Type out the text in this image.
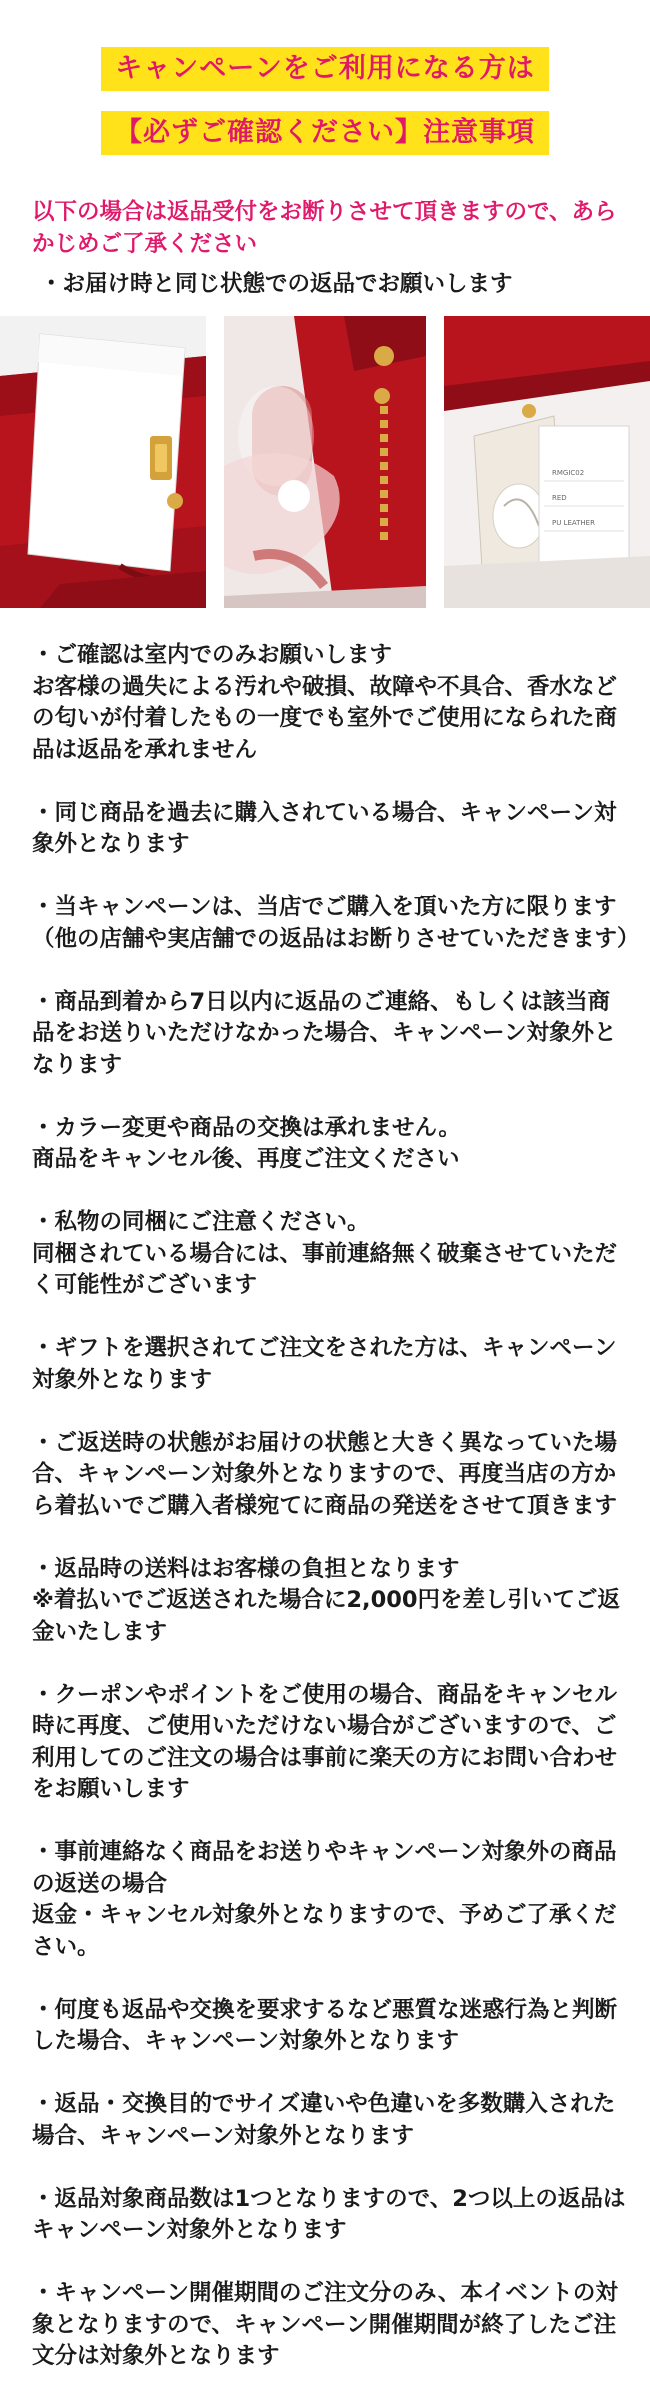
キャンペーンをご利用になる方は
【必ずご確認ください】注意事項
以下の場合は返品受付をお断りさせて頂きますので、あらかじめご了承ください
・お届け時と同じ状態での返品でお願いします
RMGIC02
RED
PU LEATHER
・ご確認は室内でのみお願いします
お客様の過失による汚れや破損、故障や不具合、香水などの匂いが付着したもの一度でも室外でご使用になられた商品は返品を承れません
・同じ商品を過去に購入されている場合、キャンペーン対象外となります
・当キャンペーンは、当店でご購入を頂いた方に限ります（他の店舗や実店舗での返品はお断りさせていただきます）
・商品到着から7日以内に返品のご連絡、もしくは該当商品をお送りいただけなかった場合、キャンペーン対象外となります
・カラー変更や商品の交換は承れません。
商品をキャンセル後、再度ご注文ください
・私物の同梱にご注意ください。
同梱されている場合には、事前連絡無く破棄させていただく可能性がございます
・ギフトを選択されてご注文をされた方は、キャンペーン対象外となります
・ご返送時の状態がお届けの状態と大きく異なっていた場合、キャンペーン対象外となりますので、再度当店の方から着払いでご購入者様宛てに商品の発送をさせて頂きます
・返品時の送料はお客様の負担となります
※着払いでご返送された場合に2,000円を差し引いてご返金いたします
・クーポンやポイントをご使用の場合、商品をキャンセル時に再度、ご使用いただけない場合がございますので、ご利用してのご注文の場合は事前に楽天の方にお問い合わせをお願いします
・事前連絡なく商品をお送りやキャンペーン対象外の商品の返送の場合
返金・キャンセル対象外となりますので、予めご了承ください。
・何度も返品や交換を要求するなど悪質な迷惑行為と判断した場合、キャンペーン対象外となります
・返品・交換目的でサイズ違いや色違いを多数購入された場合、キャンペーン対象外となります
・返品対象商品数は1つとなりますので、2つ以上の返品はキャンペーン対象外となります
・キャンペーン開催期間のご注文分のみ、本イベントの対象となりますので、キャンペーン開催期間が終了したご注文分は対象外となります
